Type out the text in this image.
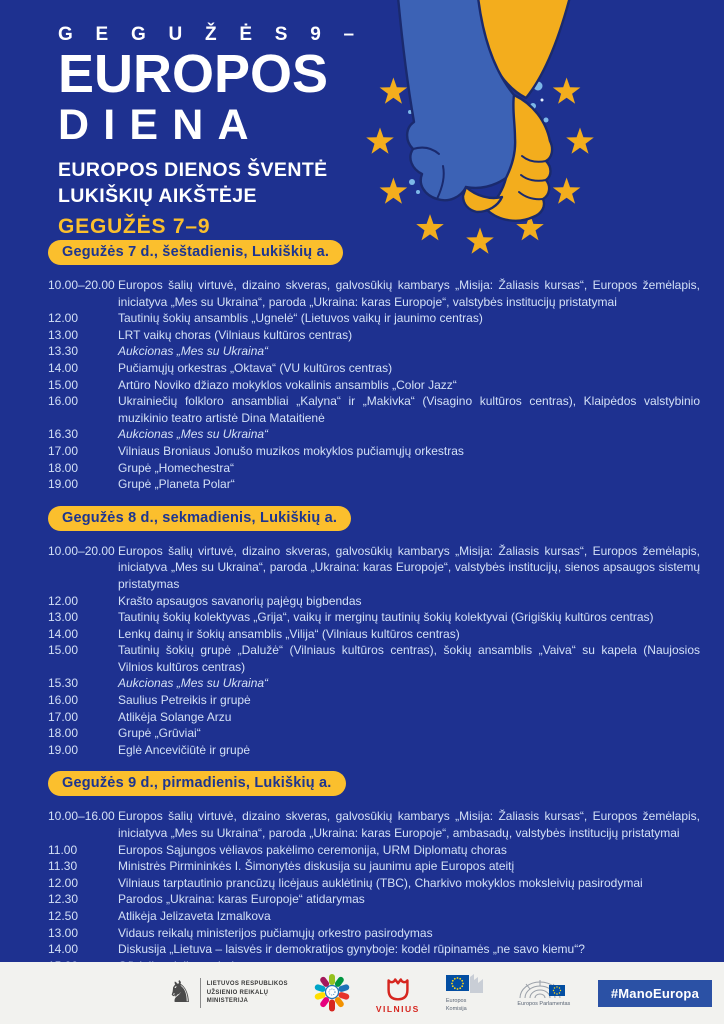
G E G U Ž Ė S 9 –
EUROPOS
DIENA
EUROPOS DIENOS ŠVENTĖ
LUKIŠKIŲ AIKŠTĖJE
GEGUŽĖS 7–9
Gegužės 7 d., šeštadienis, Lukiškių a.
10.00–20.00 Europos šalių virtuvė, dizaino skveras, galvosūkių kambarys „Misija: Žaliasis kursas“, Europos žemėlapis, iniciatyva „Mes su Ukraina“, paroda „Ukraina: karas Europoje“, valstybės institucijų pristatymai
12.00	Tautinių šokių ansamblis „Ugnelė“ (Lietuvos vaikų ir jaunimo centras)
13.00	LRT vaikų choras (Vilniaus kultūros centras)
13.30	Aukcionas „Mes su Ukraina“
14.00	Pučiamųjų orkestras „Oktava“ (VU kultūros centras)
15.00	Artūro Noviko džiazo mokyklos vokalinis ansamblis „Color Jazz“
16.00	Ukrainiečių folkloro ansambliai „Kalyna“ ir „Makivka“ (Visagino kultūros centras), Klaipėdos valstybinio muzikinio teatro artistė Dina Mataitienė
16.30	Aukcionas „Mes su Ukraina“
17.00	Vilniaus Broniaus Jonušo muzikos mokyklos pučiamųjų orkestras
18.00	Grupė „Homechestra“
19.00	Grupė „Planeta Polar“
Gegužės 8 d., sekmadienis, Lukiškių a.
10.00–20.00 Europos šalių virtuvė, dizaino skveras, galvosūkių kambarys „Misija: Žaliasis kursas“, Europos žemėlapis, iniciatyva „Mes su Ukraina“, paroda „Ukraina: karas Europoje“, valstybės institucijų, sienos apsaugos sistemų pristatymas
12.00	Krašto apsaugos savanorių pajėgų bigbendas
13.00	Tautinių šokių kolektyvas „Grija“, vaikų ir merginų tautinių šokių kolektyvai (Grigiškių kultūros centras)
14.00	Lenkų dainų ir šokių ansamblis „Vilija“ (Vilniaus kultūros centras)
15.00	Tautinių šokių grupė „Dalužė“ (Vilniaus kultūros centras), šokių ansamblis „Vaiva“ su kapela (Naujosios Vilnios kultūros centras)
15.30	Aukcionas „Mes su Ukraina“
16.00	Saulius Petreikis ir grupė
17.00	Atlikėja Solange Arzu
18.00	Grupė „Grūviai“
19.00	Eglė Ancevičiūtė ir grupė
Gegužės 9 d., pirmadienis, Lukiškių a.
10.00–16.00 Europos šalių virtuvė, dizaino skveras, galvosūkių kambarys „Misija: Žaliasis kursas“, Europos žemėlapis, iniciatyva „Mes su Ukraina“, paroda „Ukraina: karas Europoje“, ambasadų, valstybės institucijų pristatymai
11.00	Europos Sąjungos vėliavos pakėlimo ceremonija, URM Diplomatų choras
11.30	Ministrės Pirmininkės I. Šimonytės diskusija su jaunimu apie Europos ateitį
12.00	Vilniaus tarptautinio prancūzų licėjaus auklėtinių (TBC), Charkivo mokyklos moksleivių pasirodymai
12.30	Parodos „Ukraina: karas Europoje“ atidarymas
12.50	Atlikėja Jelizaveta Izmalkova
13.00	Vidaus reikalų ministerijos pučiamųjų orkestro pasirodymas
14.00	Diskusija „Lietuva – laisvės ir demokratijos gynyboje: kodėl rūpinamės „ne savo kiemu“?
♞ LIETUVOS RESPUBLIKOS
UŽSIENIO REIKALŲ
MINISTERIJA
VILNIUS
Europos
Komisija
Europos Parlamentas
#ManoEuropa
